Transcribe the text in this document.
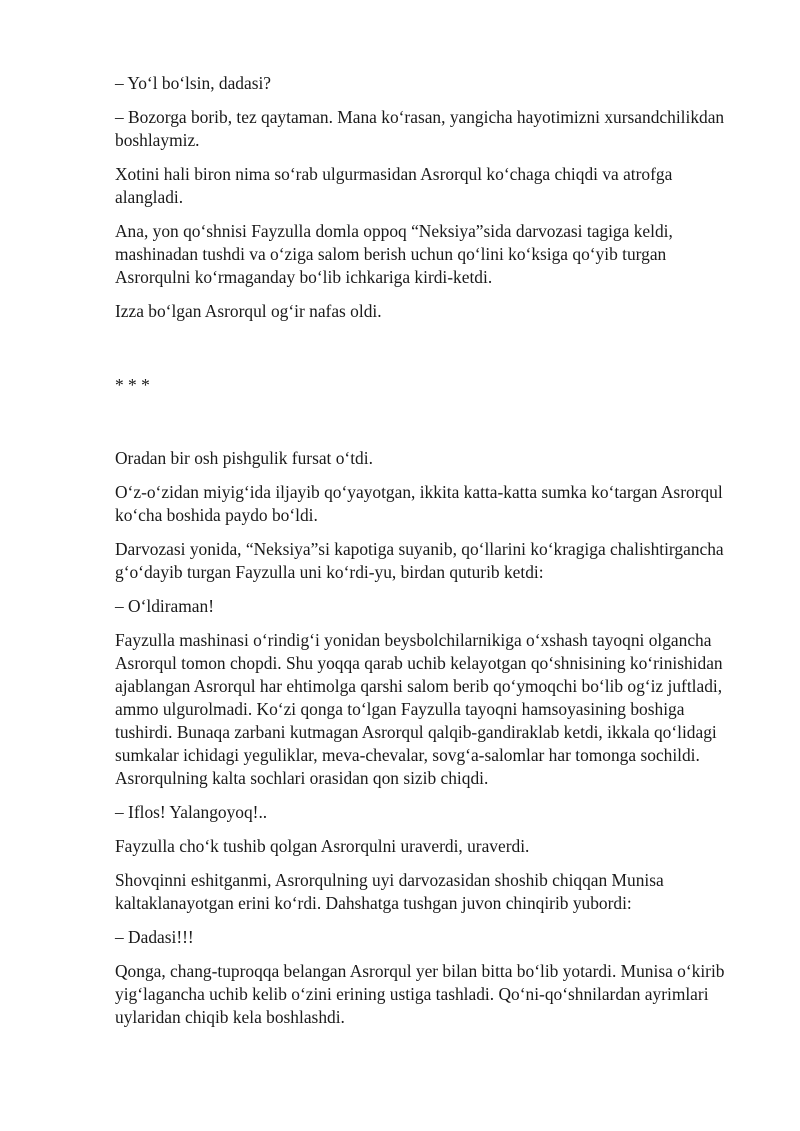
– Yo‘l bo‘lsin, dadasi?

– Bozorga borib, tez qaytaman. Mana ko‘rasan, yangicha hayotimizni xursandchilikdan boshlaymiz.

Xotini hali biron nima so‘rab ulgurmasidan Asrorqul ko‘chaga chiqdi va atrofga alangladi.

Ana, yon qo‘shnisi Fayzulla domla oppoq “Neksiya”sida darvozasi tagiga keldi, mashinadan tushdi va o‘ziga salom berish uchun qo‘lini ko‘ksiga qo‘yib turgan Asrorqulni ko‘rmaganday bo‘lib ichkariga kirdi-ketdi.

Izza bo‘lgan Asrorqul og‘ir nafas oldi.

* * *

Oradan bir osh pishgulik fursat o‘tdi.

O‘z-o‘zidan miyig‘ida iljayib qo‘yayotgan, ikkita katta-katta sumka ko‘targan Asrorqul ko‘cha boshida paydo bo‘ldi.

Darvozasi yonida, “Neksiya”si kapotiga suyanib, qo‘llarini ko‘kragiga chalishtirgancha g‘o‘dayib turgan Fayzulla uni ko‘rdi-yu, birdan quturib ketdi:

– O‘ldiraman!

Fayzulla mashinasi o‘rindig‘i yonidan beysbolchilarnikiga o‘xshash tayoqni olgancha Asrorqul tomon chopdi. Shu yoqqa qarab uchib kelayotgan qo‘shnisining ko‘rinishidan ajablangan Asrorqul har ehtimolga qarshi salom berib qo‘ymoqchi bo‘lib og‘iz juftladi, ammo ulgurolmadi. Ko‘zi qonga to‘lgan Fayzulla tayoqni hamsoyasining boshiga tushirdi. Bunaqa zarbani kutmagan Asrorqul qalqib-gandiraklab ketdi, ikkala qo‘lidagi sumkalar ichidagi yeguliklar, meva-chevalar, sovg‘a-salomlar har tomonga sochildi. Asrorqulning kalta sochlari orasidan qon sizib chiqdi.

– Iflos! Yalangoyoq!..

Fayzulla cho‘k tushib qolgan Asrorqulni uraverdi, uraverdi.

Shovqinni eshitganmi, Asrorqulning uyi darvozasidan shoshib chiqqan Munisa kaltaklanayotgan erini ko‘rdi. Dahshatga tushgan juvon chinqirib yubordi:

– Dadasi!!!

Qonga, chang-tuproqqa belangan Asrorqul yer bilan bitta bo‘lib yotardi. Munisa o‘kirib yig‘lagancha uchib kelib o‘zini erining ustiga tashladi. Qo‘ni-qo‘shnilardan ayrimlari uylaridan chiqib kela boshlashdi.
